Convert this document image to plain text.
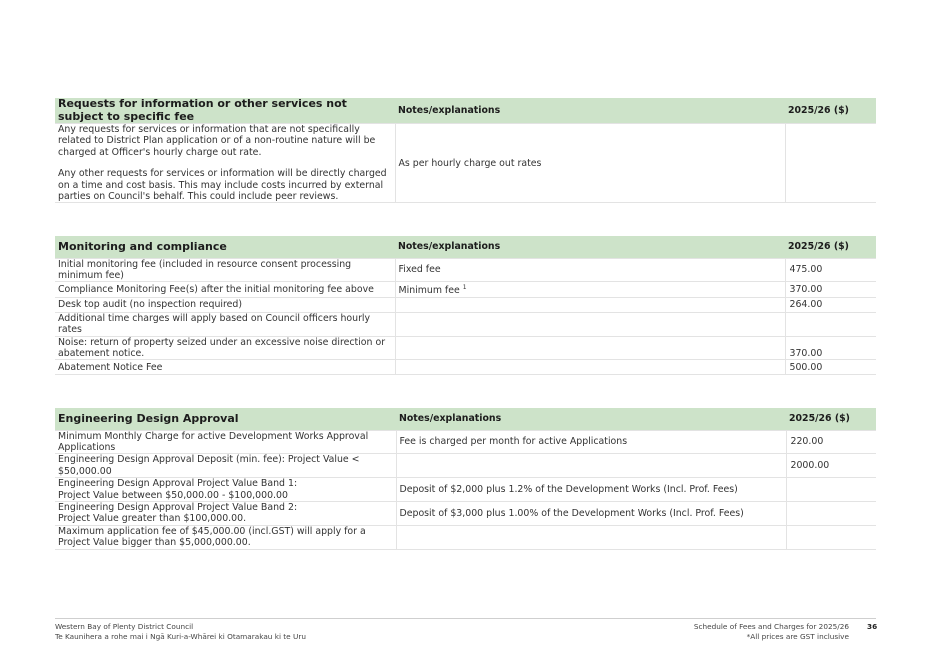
Requests for information or other services not subject to specific fee	Notes/explanations	2025/26 ($)

Any requests for services or information that are not specifically related to District Plan application or of a non-routine nature will be charged at Officer's hourly charge out rate.
Any other requests for services or information will be directly charged on a time and cost basis. This may include costs incurred by external parties on Council's behalf. This could include peer reviews.	As per hourly charge out rates	
Monitoring and compliance	Notes/explanations	2025/26 ($)
Initial monitoring fee (included in resource consent processing minimum fee)	Fixed fee	475.00
Compliance Monitoring Fee(s) after the initial monitoring fee above	Minimum fee $^1$	370.00
Desk top audit (no inspection required)		264.00
Additional time charges will apply based on Council officers hourly rates		
Noise: return of property seized under an excessive noise direction or abatement notice.		370.00
Abatement Notice Fee		500.00
Engineering Design Approval	Notes/explanations	2025/26 ($)
Minimum Monthly Charge for active Development Works Approval Applications	Fee is charged per month for active Applications	220.00
Engineering Design Approval Deposit (min. fee): Project Value < $50,000.00		2000.00

Engineering Design Approval Project Value Band 1:
Project Value between $50,000.00 - $100,000.00	Deposit of $2,000 plus 1.2% of the Development Works (Incl. Prof. Fees)	

Engineering Design Approval Project Value Band 2:
Project Value greater than $100,000.00.	Deposit of $3,000 plus 1.00% of the Development Works (Incl. Prof. Fees)	
Maximum application fee of $45,000.00 (incl.GST) will apply for a Project Value bigger than $5,000,000.00.		
Western Bay of Plenty District Council
Te Kaunihera a rohe mai i Ngā Kuri-a-Whārei ki Otamarakau ki te Uru
Schedule of Fees and Charges for 2025/26
*All prices are GST inclusive
36
